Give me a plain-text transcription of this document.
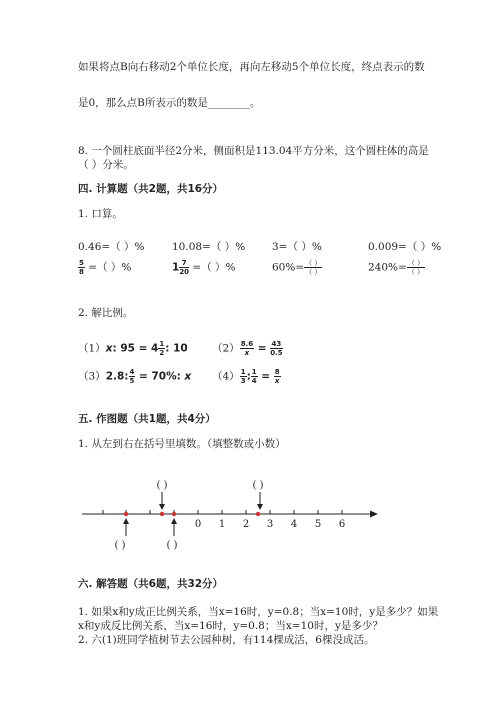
如果将点B向右移动2个单位长度，再向左移动5个单位长度，终点表示的数
是0，那么点B所表示的数是________。
8. 一个圆柱底面半径2分米，侧面积是113.04平方分米，这个圆柱体的高是
（ ）分米。
四. 计算题（共2题，共16分）
1. 口算。
0.46=（ ）%	10.08=（ ）%	3=（ ）%	0.009=（ ）%
$\frac{5}{8}$ =（ ）%	$1 \frac{7}{20}$ =（ ）%	$60\%= \frac{( )}{( )}$	$240\%= \frac{( )}{( )}$
2. 解比例。
（1）x: $95 = 4 \frac{1}{2}$ : 10 $(2) \frac{8.6}{x} = \frac{43}{0.5}$
（3）2.8: $\frac{4}{5} = 70\%$: x $(4) \frac{1}{3}$ : $\frac{1}{4} = \frac{8}{x}$
五. 作图题（共1题，共4分）
1. 从左到右在括号里填数。（填整数或小数）
0 1 2 3 4 5 6
( )	( )
( )	( )
六. 解答题（共6题，共32分）
1. 如果x和y成正比例关系，当x=16时，y=0.8；当x=10时，y是多少？如果
x和y成反比例关系，当x=16时，y=0.8；当x=10时，y是多少？
2. 六(1)班同学植树节去公园种树，有114棵成活，6棵没成活。
